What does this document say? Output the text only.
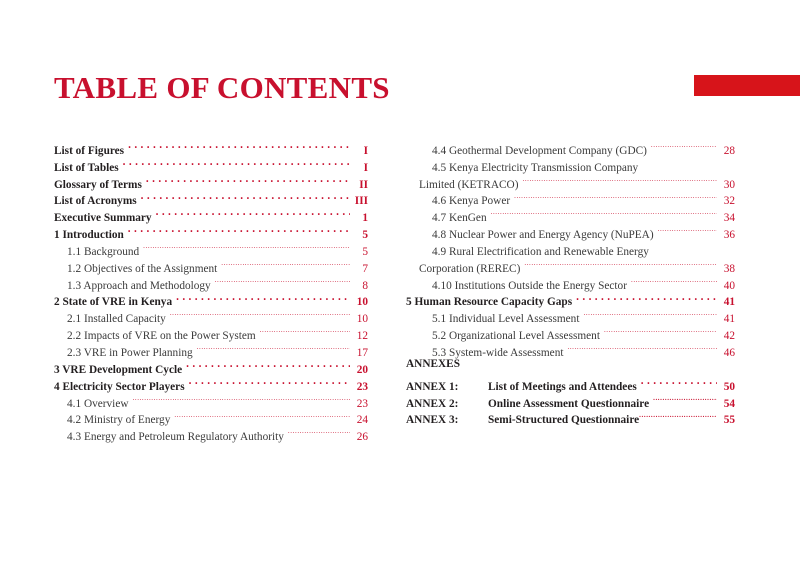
TABLE OF CONTENTS
List of Figures .....	I
List of Tables .....	I
Glossary of Terms .....	II
List of Acronyms .....	III
Executive Summary .....	1
1 Introduction .....	5
1.1 Background .....	5
1.2 Objectives of the Assignment .....	7
1.3 Approach and Methodology .....	8
2 State of VRE in Kenya .....	10
2.1 Installed Capacity .....	10
2.2 Impacts of VRE on the Power System .....	12
2.3 VRE in Power Planning .....	17
3 VRE Development Cycle .....	20
4 Electricity Sector Players .....	23
4.1 Overview .....	23
4.2 Ministry of Energy .....	24
4.3 Energy and Petroleum Regulatory Authority .....	26
4.4 Geothermal Development Company (GDC) .....	28
4.5 Kenya Electricity Transmission Company
Limited (KETRACO) .....	30
4.6 Kenya Power .....	32
4.7 KenGen .....	34
4.8 Nuclear Power and Energy Agency (NuPEA) .....	36
4.9 Rural Electrification and Renewable Energy
Corporation (REREC) .....	38
4.10 Institutions Outside the Energy Sector .....	40
5 Human Resource Capacity Gaps .....	41
5.1 Individual Level Assessment .....	41
5.2 Organizational Level Assessment .....	42
5.3 System-wide Assessment .....	46
ANNEXES
ANNEX 1:	List of Meetings and Attendees .....	50
ANNEX 2:	Online Assessment Questionnaire .....	54
ANNEX 3:	Semi-Structured Questionnaire .....	55
